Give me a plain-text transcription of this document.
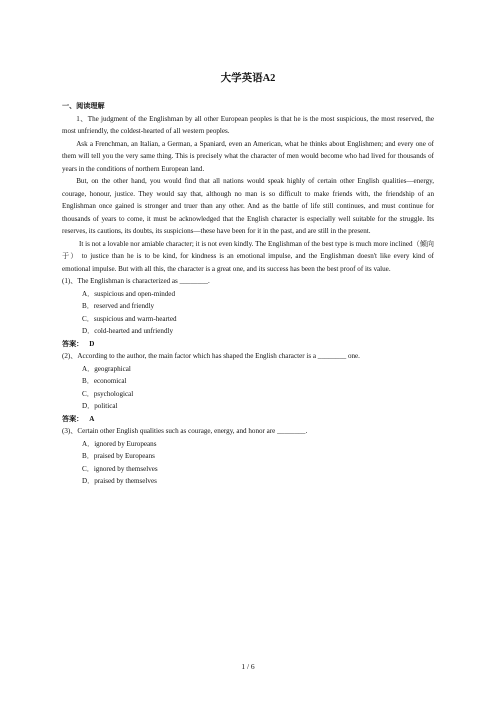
大学英语A2
一、阅读理解

1、The judgment of the Englishman by all other European peoples is that he is the most suspicious, the most reserved, the most unfriendly, the coldest-hearted of all western peoples.

Ask a Frenchman, an Italian, a German, a Spaniard, even an American, what he thinks about Englishmen; and every one of them will tell you the very same thing. This is precisely what the character of men would become who had lived for thousands of years in the conditions of northern European land.

But, on the other hand, you would find that all nations would speak highly of certain other English qualities—energy, courage, honour, justice. They would say that, although no man is so difficult to make friends with, the friendship of an Englishman once gained is stronger and truer than any other. And as the battle of life still continues, and must continue for thousands of years to come, it must be acknowledged that the English character is especially well suitable for the struggle. Its reserves, its cautions, its doubts, its suspicions—these have been for it in the past, and are still in the present.

It is not a lovable nor amiable character; it is not even kindly. The Englishman of the best type is much more inclined（倾向于） to justice than he is to be kind, for kindness is an emotional impulse, and the Englishman doesn't like every kind of emotional impulse. But with all this, the character is a great one, and its success has been the best proof of its value.

(1)、The Englishman is characterized as ________.

A．suspicious and open-minded

B．reserved and friendly

C．suspicious and warm-hearted

D．cold-hearted and unfriendly

答案： D

(2)、According to the author, the main factor which has shaped the English character is a ________ one.

A．geographical

B．economical

C．psychological

D．political

答案： A

(3)、Certain other English qualities such as courage, energy, and honor are ________.

A．ignored by Europeans

B．praised by Europeans

C．ignored by themselves

D．praised by themselves

1 / 6
